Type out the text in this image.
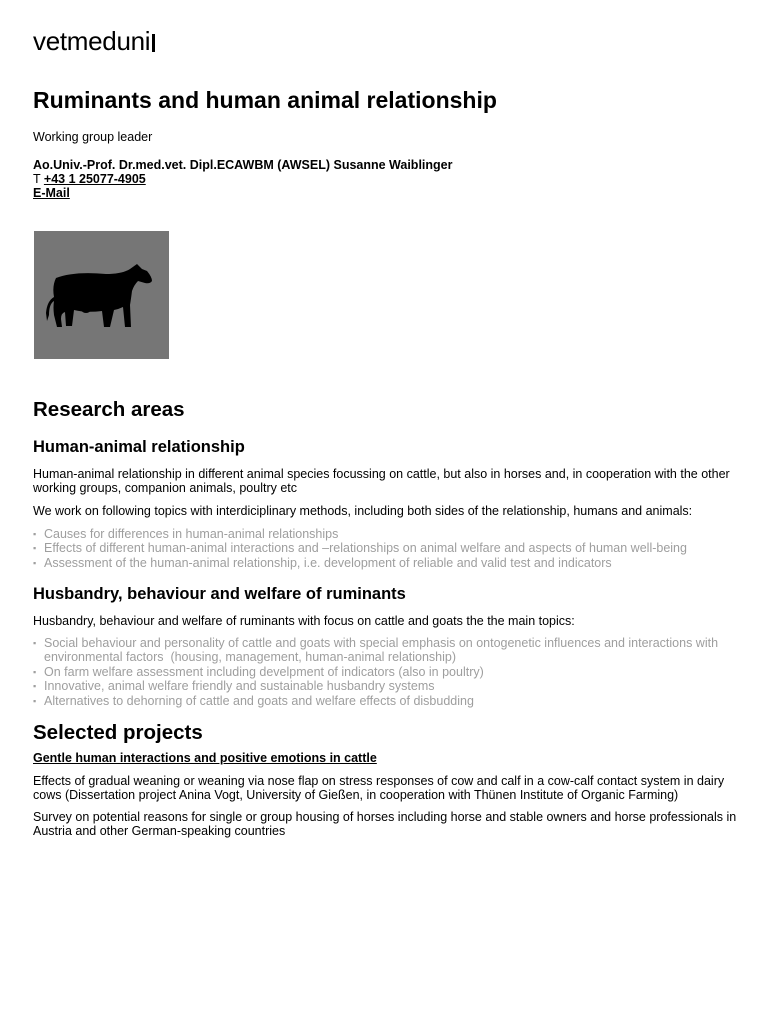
vetmeduni
Ruminants and human animal relationship
Working group leader
Ao.Univ.-Prof. Dr.med.vet. Dipl.ECAWBM (AWSEL) Susanne Waiblinger
T +43 1 25077-4905
E-Mail
Research areas
Human-animal relationship

Human-animal relationship in different animal species focussing on cattle, but also in horses and, in cooperation with the other working groups, companion animals, poultry etc

We work on following topics with interdiciplinary methods, including both sides of the relationship, humans and animals:

▪ Causes for differences in human-animal relationships
▪ Effects of different human-animal interactions and –relationships on animal welfare and aspects of human well-being
▪ Assessment of the human-animal relationship, i.e. development of reliable and valid test and indicators
Husbandry, behaviour and welfare of ruminants

Husbandry, behaviour and welfare of ruminants with focus on cattle and goats the the main topics:

▪ Social behaviour and personality of cattle and goats with special emphasis on ontogenetic influences and interactions with environmental factors  (housing, management, human-animal relationship)
▪ On farm welfare assessment including develpment of indicators (also in poultry)
▪ Innovative, animal welfare friendly and sustainable husbandry systems
▪ Alternatives to dehorning of cattle and goats and welfare effects of disbudding
Selected projects
Gentle human interactions and positive emotions in cattle

Effects of gradual weaning or weaning via nose flap on stress responses of cow and calf in a cow-calf contact system in dairy cows (Dissertation project Anina Vogt, University of Gießen, in cooperation with Thünen Institute of Organic Farming)

Survey on potential reasons for single or group housing of horses including horse and stable owners and horse professionals in Austria and other German-speaking countries
